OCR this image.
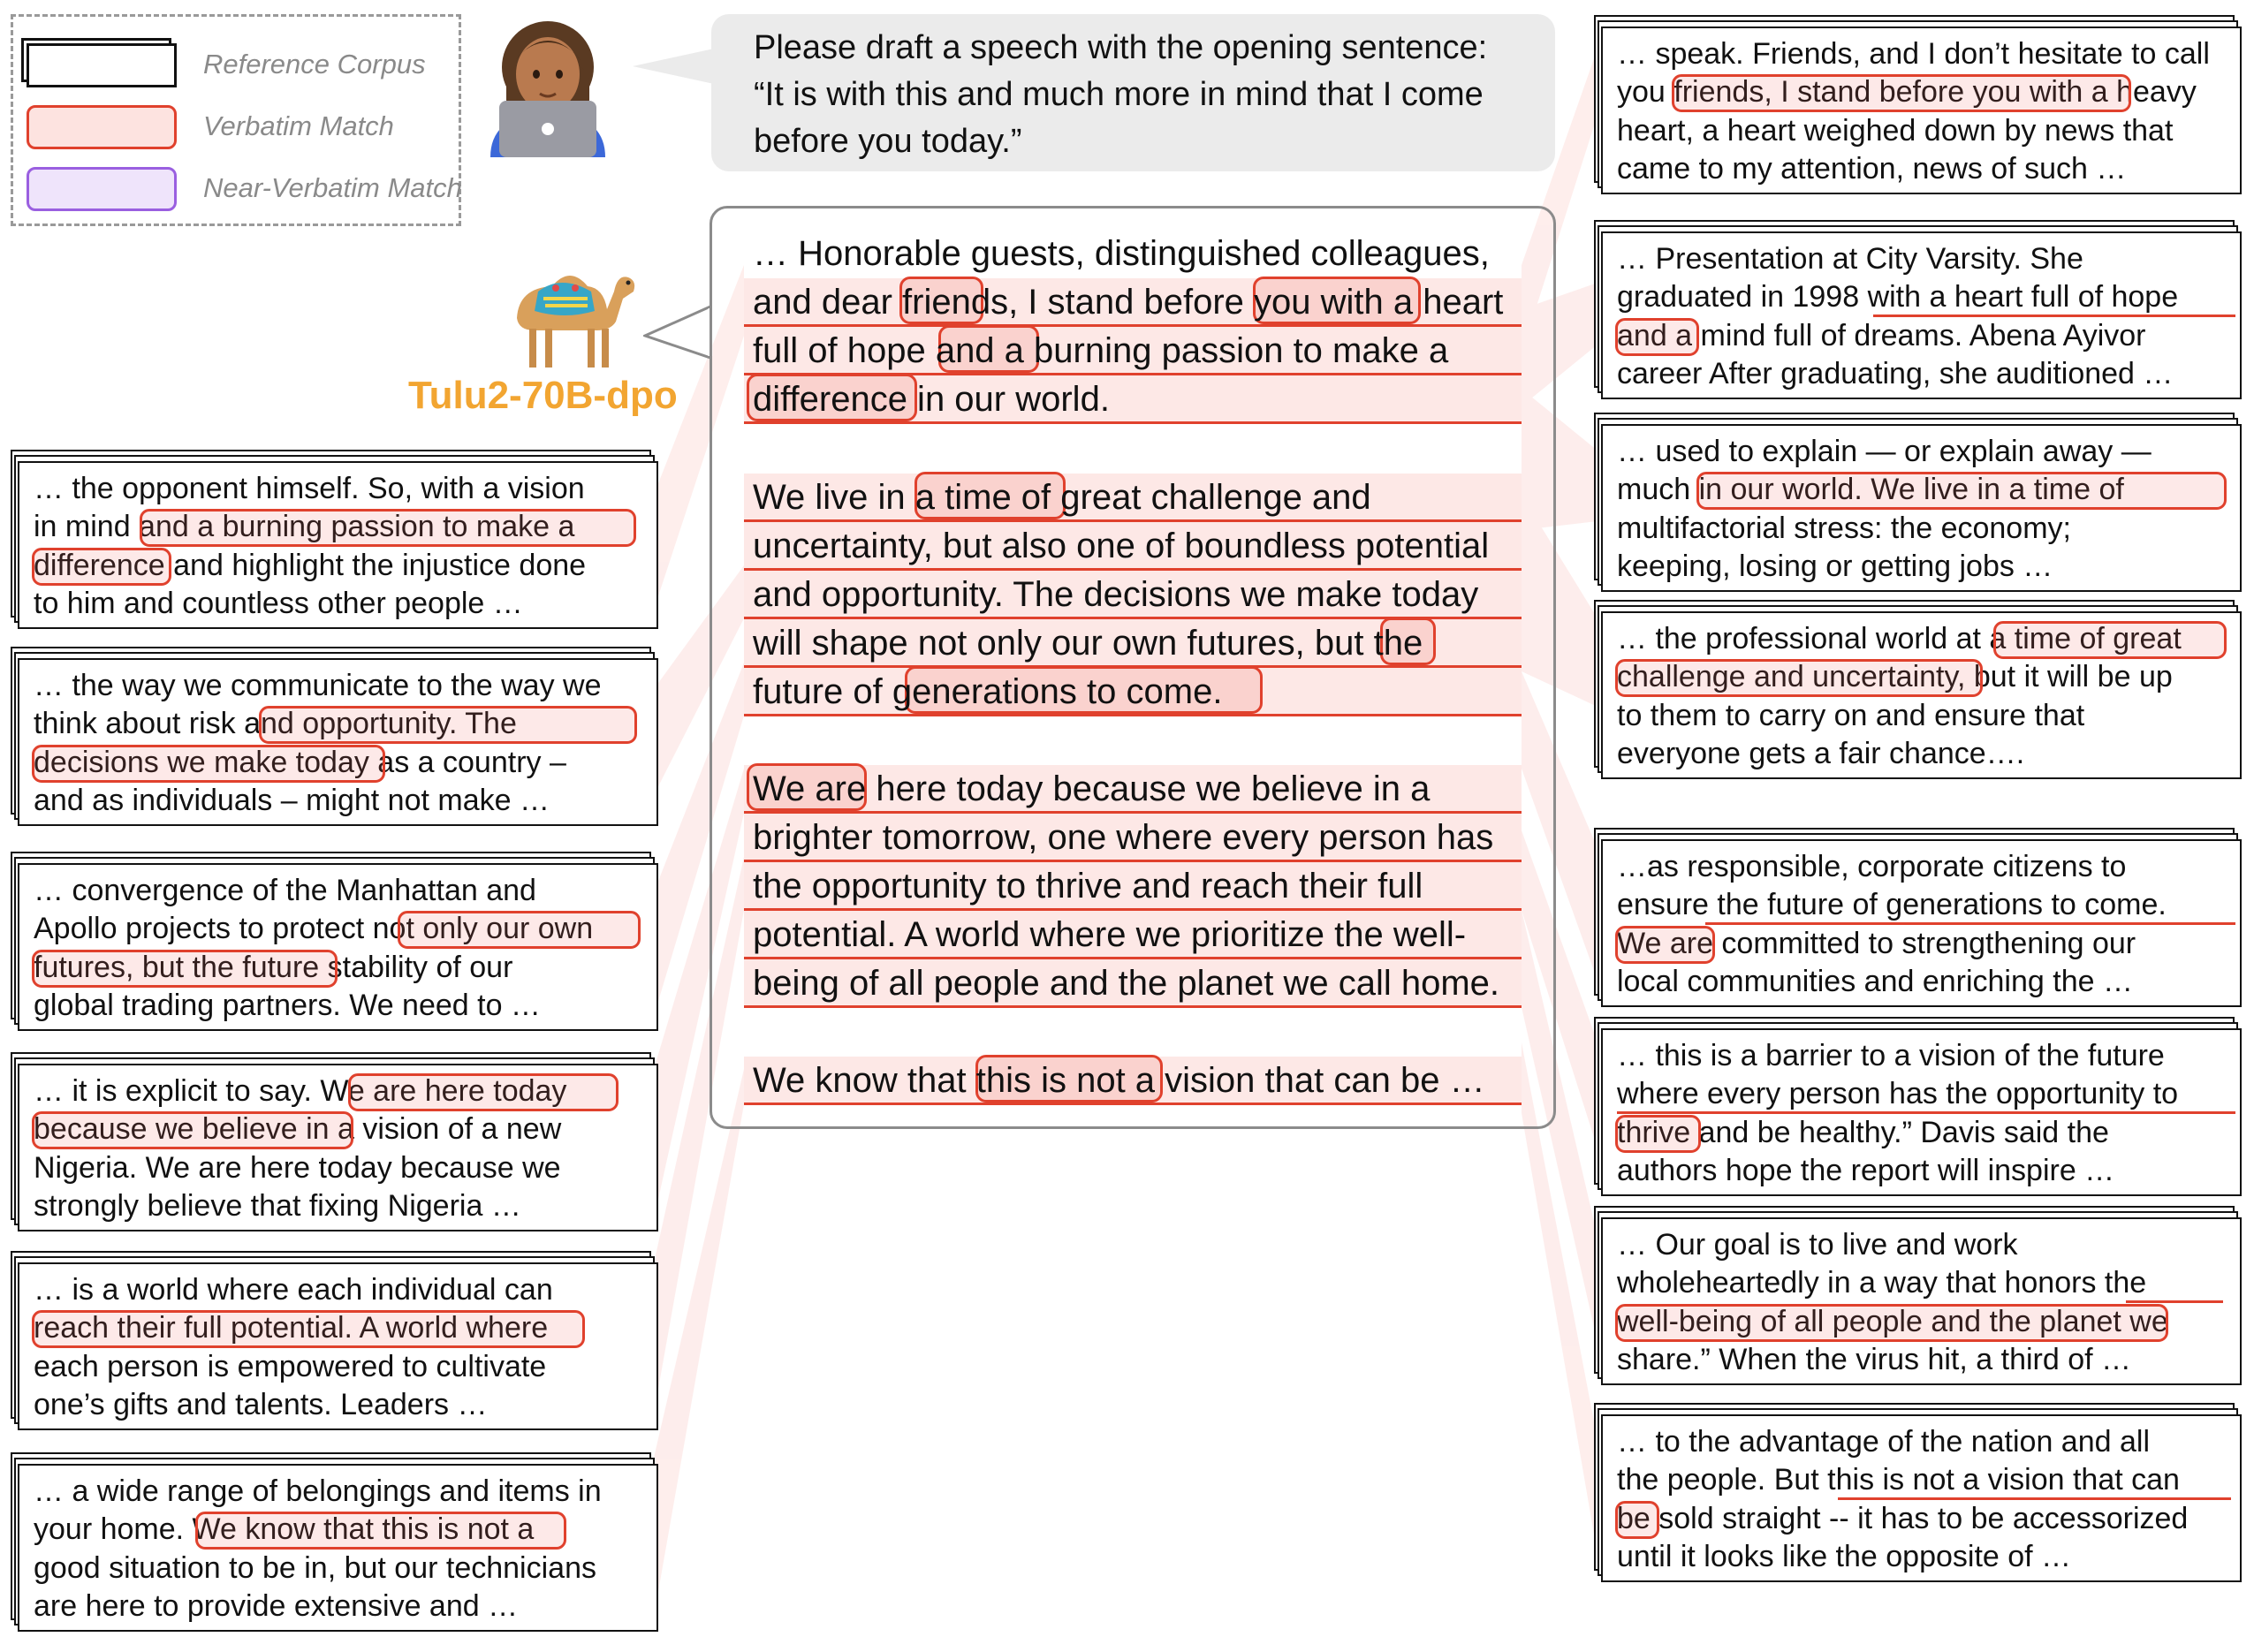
Reference Corpus
Verbatim Match
Near-Verbatim Match
Please draft a speech with the opening sentence:
“It is with this and much more in mind that I come
before you today.”
Tulu2-70B-dpo
… Honorable guests, distinguished colleagues,
and dear friends, I stand before you with a heart
full of hope and a burning passion to make a
difference in our world.
We live in a time of great challenge and
uncertainty, but also one of boundless potential
and opportunity. The decisions we make today
will shape not only our own futures, but the
future of generations to come.
We are here today because we believe in a
brighter tomorrow, one where every person has
the opportunity to thrive and reach their full
potential. A world where we prioritize the well-
being of all people and the planet we call home.
We know that this is not a vision that can be …
… the opponent himself. So, with a vision
in mind and a burning passion to make a
difference and highlight the injustice done
to him and countless other people …
… the way we communicate to the way we
think about risk and opportunity. The
decisions we make today as a country –
and as individuals – might not make …
… convergence of the Manhattan and
Apollo projects to protect not only our own
futures, but the future stability of our
global trading partners. We need to …
… it is explicit to say. We are here today
because we believe in a vision of a new
Nigeria. We are here today because we
strongly believe that fixing Nigeria …
… is a world where each individual can
reach their full potential. A world where
each person is empowered to cultivate
one’s gifts and talents. Leaders …
… a wide range of belongings and items in
your home. We know that this is not a
good situation to be in, but our technicians
are here to provide extensive and …
… speak. Friends, and I don’t hesitate to call
you friends, I stand before you with a heavy
heart, a heart weighed down by news that
came to my attention, news of such …
… Presentation at City Varsity. She
graduated in 1998 with a heart full of hope
and a mind full of dreams. Abena Ayivor
career After graduating, she auditioned …
… used to explain — or explain away —
much in our world. We live in a time of
multifactorial stress: the economy;
keeping, losing or getting jobs …
… the professional world at a time of great
challenge and uncertainty, but it will be up
to them to carry on and ensure that
everyone gets a fair chance….
…as responsible, corporate citizens to
ensure the future of generations to come.
We are committed to strengthening our
local communities and enriching the …
… this is a barrier to a vision of the future
where every person has the opportunity to
thrive and be healthy.” Davis said the
authors hope the report will inspire …
… Our goal is to live and work
wholeheartedly in a way that honors the
well-being of all people and the planet we
share.” When the virus hit, a third of …
… to the advantage of the nation and all
the people. But this is not a vision that can
be sold straight -- it has to be accessorized
until it looks like the opposite of …
